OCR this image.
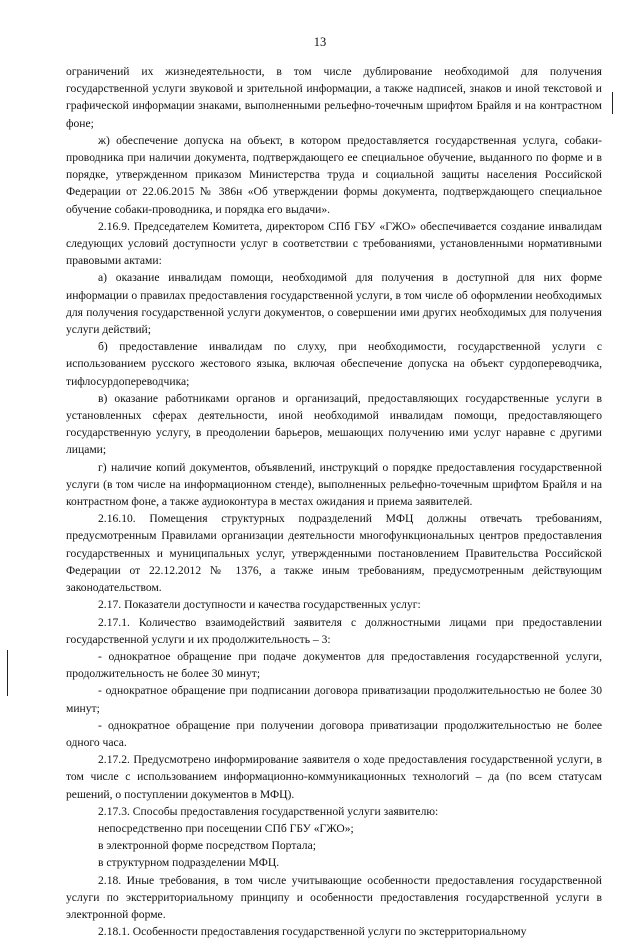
13

ограничений их жизнедеятельности, в том числе дублирование необходимой для получения государственной услуги звуковой и зрительной информации, а также надписей, знаков и иной текстовой и графической информации знаками, выполненными рельефно-точечным шрифтом Брайля и на контрастном фоне;

ж) обеспечение допуска на объект, в котором предоставляется государственная услуга, собаки-проводника при наличии документа, подтверждающего ее специальное обучение, выданного по форме и в порядке, утвержденном приказом Министерства труда и социальной защиты населения Российской Федерации от 22.06.2015 № 386н «Об утверждении формы документа, подтверждающего специальное обучение собаки-проводника, и порядка его выдачи».

2.16.9. Председателем Комитета, директором СПб ГБУ «ГЖО» обеспечивается создание инвалидам следующих условий доступности услуг в соответствии с требованиями, установленными нормативными правовыми актами:

а) оказание инвалидам помощи, необходимой для получения в доступной для них форме информации о правилах предоставления государственной услуги, в том числе об оформлении необходимых для получения государственной услуги документов, о совершении ими других необходимых для получения услуги действий;

б) предоставление инвалидам по слуху, при необходимости, государственной услуги с использованием русского жестового языка, включая обеспечение допуска на объект сурдопереводчика, тифлосурдопереводчика;

в) оказание работниками органов и организаций, предоставляющих государственные услуги в установленных сферах деятельности, иной необходимой инвалидам помощи, предоставляющего государственную услугу, в преодолении барьеров, мешающих получению ими услуг наравне с другими лицами;

г) наличие копий документов, объявлений, инструкций о порядке предоставления государственной услуги (в том числе на информационном стенде), выполненных рельефно-точечным шрифтом Брайля и на контрастном фоне, а также аудиоконтура в местах ожидания и приема заявителей.

2.16.10. Помещения структурных подразделений МФЦ должны отвечать требованиям, предусмотренным Правилами организации деятельности многофункциональных центров предоставления государственных и муниципальных услуг, утвержденными постановлением Правительства Российской Федерации от 22.12.2012 № 1376, а также иным требованиям, предусмотренным действующим законодательством.

2.17. Показатели доступности и качества государственных услуг:

2.17.1. Количество взаимодействий заявителя с должностными лицами при предоставлении государственной услуги и их продолжительность – 3:

- однократное обращение при подаче документов для предоставления государственной услуги, продолжительность не более 30 минут;

- однократное обращение при подписании договора приватизации продолжительностью не более 30 минут;

- однократное обращение при получении договора приватизации продолжительностью не более одного часа.

2.17.2. Предусмотрено информирование заявителя о ходе предоставления государственной услуги, в том числе с использованием информационно-коммуникационных технологий – да (по всем статусам решений, о поступлении документов в МФЦ).

2.17.3. Способы предоставления государственной услуги заявителю:

непосредственно при посещении СПб ГБУ «ГЖО»;

в электронной форме посредством Портала;

в структурном подразделении МФЦ.

2.18. Иные требования, в том числе учитывающие особенности предоставления государственной услуги по экстерриториальному принципу и особенности предоставления государственной услуги в электронной форме.

2.18.1. Особенности предоставления государственной услуги по экстерриториальному
